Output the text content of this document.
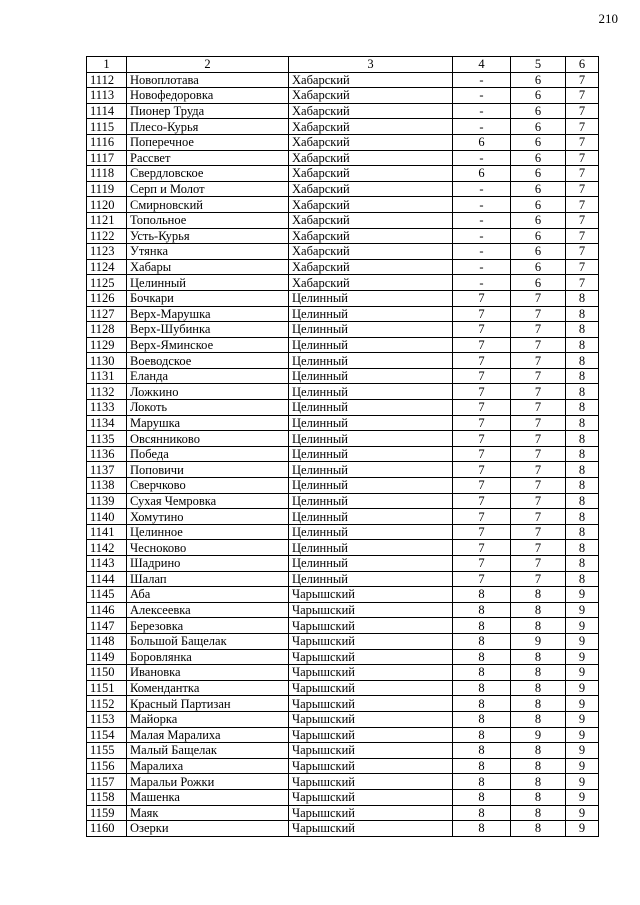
210
1	2	3	4	5	6
1112	Новоплотава	Хабарский	-	6	7
1113	Новофедоровка	Хабарский	-	6	7
1114	Пионер Труда	Хабарский	-	6	7
1115	Плесо-Курья	Хабарский	-	6	7
1116	Поперечное	Хабарский	6	6	7
1117	Рассвет	Хабарский	-	6	7
1118	Свердловское	Хабарский	6	6	7
1119	Серп и Молот	Хабарский	-	6	7
1120	Смирновский	Хабарский	-	6	7
1121	Топольное	Хабарский	-	6	7
1122	Усть-Курья	Хабарский	-	6	7
1123	Утянка	Хабарский	-	6	7
1124	Хабары	Хабарский	-	6	7
1125	Целинный	Хабарский	-	6	7
1126	Бочкари	Целинный	7	7	8
1127	Верх-Марушка	Целинный	7	7	8
1128	Верх-Шубинка	Целинный	7	7	8
1129	Верх-Яминское	Целинный	7	7	8
1130	Воеводское	Целинный	7	7	8
1131	Еланда	Целинный	7	7	8
1132	Ложкино	Целинный	7	7	8
1133	Локоть	Целинный	7	7	8
1134	Марушка	Целинный	7	7	8
1135	Овсянниково	Целинный	7	7	8
1136	Победа	Целинный	7	7	8
1137	Поповичи	Целинный	7	7	8
1138	Сверчково	Целинный	7	7	8
1139	Сухая Чемровка	Целинный	7	7	8
1140	Хомутино	Целинный	7	7	8
1141	Целинное	Целинный	7	7	8
1142	Чесноково	Целинный	7	7	8
1143	Шадрино	Целинный	7	7	8
1144	Шалап	Целинный	7	7	8
1145	Аба	Чарышский	8	8	9
1146	Алексеевка	Чарышский	8	8	9
1147	Березовка	Чарышский	8	8	9
1148	Большой Бащелак	Чарышский	8	9	9
1149	Боровлянка	Чарышский	8	8	9
1150	Ивановка	Чарышский	8	8	9
1151	Комендантка	Чарышский	8	8	9
1152	Красный Партизан	Чарышский	8	8	9
1153	Майорка	Чарышский	8	8	9
1154	Малая Маралиха	Чарышский	8	9	9
1155	Малый Бащелак	Чарышский	8	8	9
1156	Маралиха	Чарышский	8	8	9
1157	Маральи Рожки	Чарышский	8	8	9
1158	Машенка	Чарышский	8	8	9
1159	Маяк	Чарышский	8	8	9
1160	Озерки	Чарышский	8	8	9
